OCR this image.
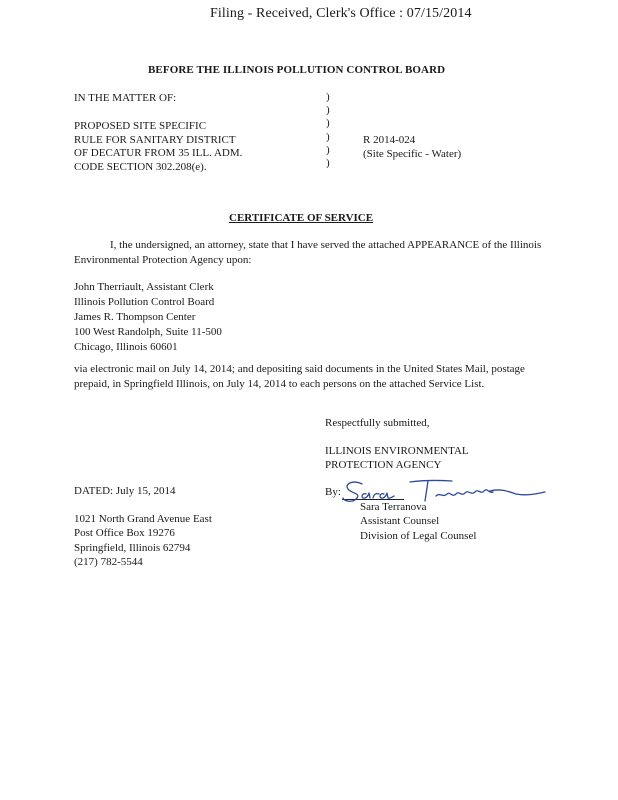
Filing - Received, Clerk's Office : 07/15/2014
BEFORE THE ILLINOIS POLLUTION CONTROL BOARD
IN THE MATTER OF:	)
)
)
)
)
)
PROPOSED SITE SPECIFIC
RULE FOR SANITARY DISTRICT
OF DECATUR FROM 35 ILL. ADM.
CODE SECTION 302.208(e).
R 2014-024
(Site Specific - Water)
CERTIFICATE OF SERVICE
I, the undersigned, an attorney, state that I have served the attached APPEARANCE of the Illinois Environmental Protection Agency upon:
John Therriault, Assistant Clerk
Illinois Pollution Control Board
James R. Thompson Center
100 West Randolph, Suite 11-500
Chicago, Illinois 60601
via electronic mail on July 14, 2014; and depositing said documents in the United States Mail, postage prepaid, in Springfield Illinois, on July 14, 2014 to each persons on the attached Service List.
Respectfully submitted,
ILLINOIS ENVIRONMENTAL
PROTECTION AGENCY
DATED: July 15, 2014	By:
Sara Terranova
Assistant Counsel
Division of Legal Counsel
1021 North Grand Avenue East
Post Office Box 19276
Springfield, Illinois 62794
(217) 782-5544
